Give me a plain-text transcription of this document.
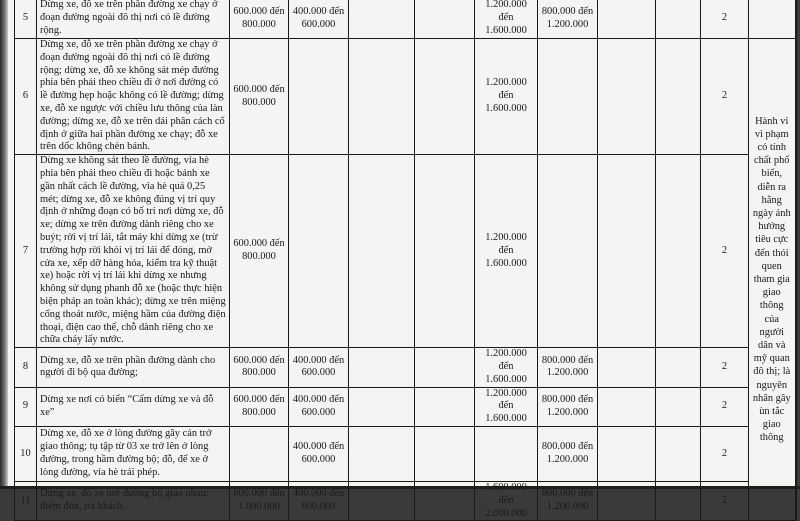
5	Dừng xe, đỗ xe trên phần đường xe chạy ở đoạn đường ngoài đô thị nơi có lề đường rộng.	600.000 đến 800.000	400.000 đến 600.000			1.200.000 đến 1.600.000	800.000 đến 1.200.000			2	
6	Dừng xe, đỗ xe trên phần đường xe chạy ở đoạn đường ngoài đô thị nơi có lề đường rộng; dừng xe, đỗ xe không sát mép đường phía bên phải theo chiều đi ở nơi đường có lề đường hẹp hoặc không có lề đường; dừng xe, đỗ xe ngược với chiều lưu thông của làn đường; dừng xe, đỗ xe trên dải phân cách cố định ở giữa hai phần đường xe chạy; đỗ xe trên dốc không chèn bánh.	600.000 đến 800.000				1.200.000 đến 1.600.000				2	Hành vi vi phạm có tính chất phổ biến, diễn ra hằng ngày ảnh hưởng tiêu cực đến thói quen tham gia giao thông của người dân và mỹ quan đô thị; là nguyên nhân gây ùn tắc giao thông
7	Dừng xe không sát theo lề đường, vỉa hè phía bên phải theo chiều đi hoặc bánh xe gần nhất cách lề đường, vỉa hè quá 0,25 mét; dừng xe, đỗ xe không đúng vị trí quy định ở những đoạn có bố trí nơi dừng xe, đỗ xe; dừng xe trên đường dành riêng cho xe buýt; rời vị trí lái, tắt máy khi dừng xe (trừ trường hợp rời khỏi vị trí lái để đóng, mở cửa xe, xếp dỡ hàng hóa, kiểm tra kỹ thuật xe) hoặc rời vị trí lái khi dừng xe nhưng không sử dụng phanh đỗ xe (hoặc thực hiện biện pháp an toàn khác); dừng xe trên miệng cống thoát nước, miệng hầm của đường điện thoại, điện cao thế, chỗ dành riêng cho xe chữa cháy lấy nước.	600.000 đến 800.000				1.200.000 đến 1.600.000				2	
8	Dừng xe, đỗ xe trên phần đường dành cho người đi bộ qua đường;	600.000 đến 800.000	400.000 đến 600.000			1.200.000 đến 1.600.000	800.000 đến 1.200.000			2	
9	Dừng xe nơi có biển “Cấm dừng xe và đỗ xe”	600.000 đến 800.000	400.000 đến 600.000			1.200.000 đến 1.600.000	800.000 đến 1.200.000			2	
10	Dừng xe, đỗ xe ở lòng đường gây cản trở giao thông; tụ tập từ 03 xe trở lên ở lòng đường, trong hầm đường bộ; đỗ, để xe ở lòng đường, vỉa hè trái phép.		400.000 đến 600.000				800.000 đến 1.200.000			2	
11	Dừng xe, đỗ xe nơi đường bộ giao nhau; điểm đón, trả khách.	800.000 đến 1.000.000	400.000 đến 600.000			1.600.000 đến 2.000.000	800.000 đến 1.200.000			2	
